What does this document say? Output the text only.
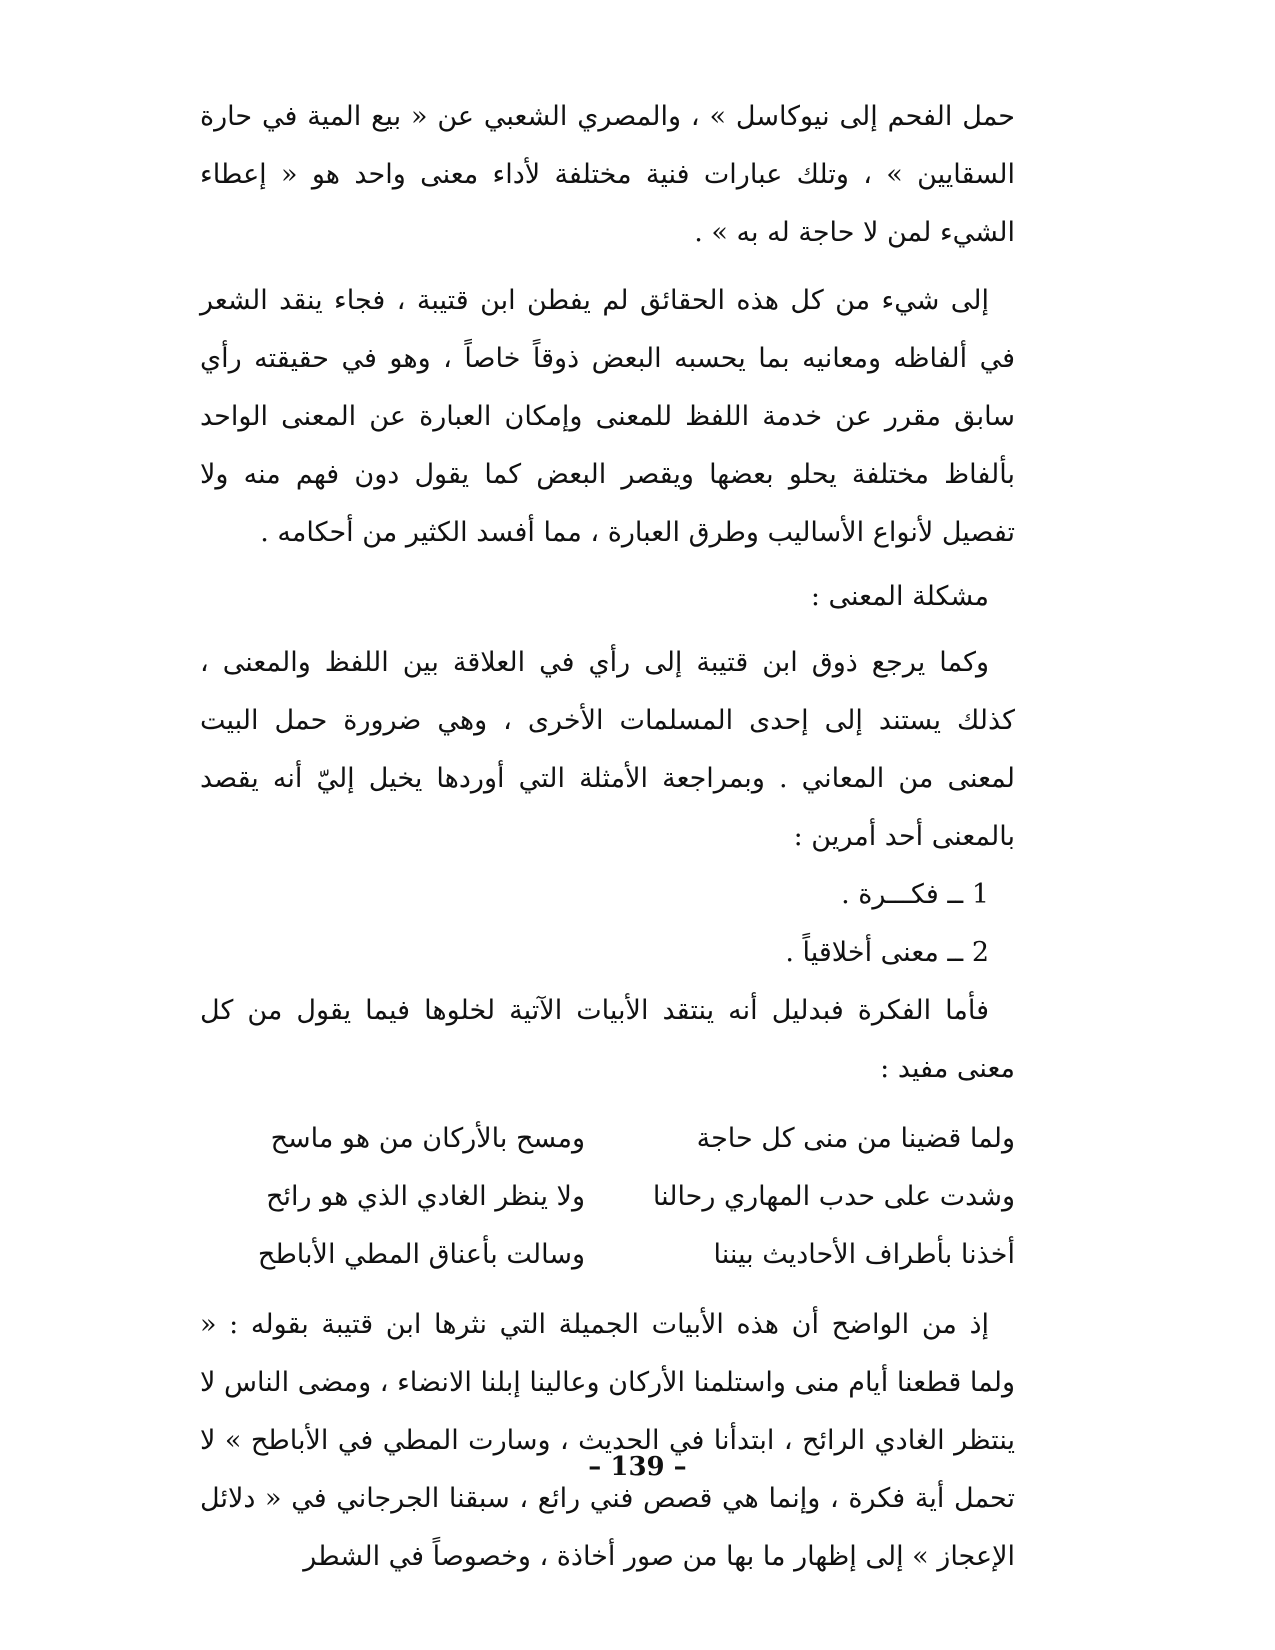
حمل الفحم إلى نيوكاسل » ، والمصري الشعبي عن « بيع المية في حارة السقايين » ، وتلك عبارات فنية مختلفة لأداء معنى واحد هو « إعطاء الشيء لمن لا حاجة له به » .

إلى شيء من كل هذه الحقائق لم يفطن ابن قتيبة ، فجاء ينقد الشعر في ألفاظه ومعانيه بما يحسبه البعض ذوقاً خاصاً ، وهو في حقيقته رأي سابق مقرر عن خدمة اللفظ للمعنى وإمكان العبارة عن المعنى الواحد بألفاظ مختلفة يحلو بعضها ويقصر البعض كما يقول دون فهم منه ولا تفصيل لأنواع الأساليب وطرق العبارة ، مما أفسد الكثير من أحكامه .

مشكلة المعنى :

وكما يرجع ذوق ابن قتيبة إلى رأي في العلاقة بين اللفظ والمعنى ، كذلك يستند إلى إحدى المسلمات الأخرى ، وهي ضرورة حمل البيت لمعنى من المعاني . وبمراجعة الأمثلة التي أوردها يخيل إليّ أنه يقصد بالمعنى أحد أمرين :

1 ــ فكـــرة .
2 ــ معنى أخلاقياً .

فأما الفكرة فبدليل أنه ينتقد الأبيات الآتية لخلوها فيما يقول من كل معنى مفيد :

ولما قضينا من منى كل حاجة
ومسح بالأركان من هو ماسح
وشدت على حدب المهاري رحالنا
ولا ينظر الغادي الذي هو رائح
أخذنا بأطراف الأحاديث بيننا
وسالت بأعناق المطي الأباطح

إذ من الواضح أن هذه الأبيات الجميلة التي نثرها ابن قتيبة بقوله : « ولما قطعنا أيام منى واستلمنا الأركان وعالينا إبلنا الانضاء ، ومضى الناس لا ينتظر الغادي الرائح ، ابتدأنا في الحديث ، وسارت المطي في الأباطح » لا تحمل أية فكرة ، وإنما هي قصص فني رائع ، سبقنا الجرجاني في « دلائل الإعجاز » إلى إظهار ما بها من صور أخاذة ، وخصوصاً في الشطر

– 139 –
